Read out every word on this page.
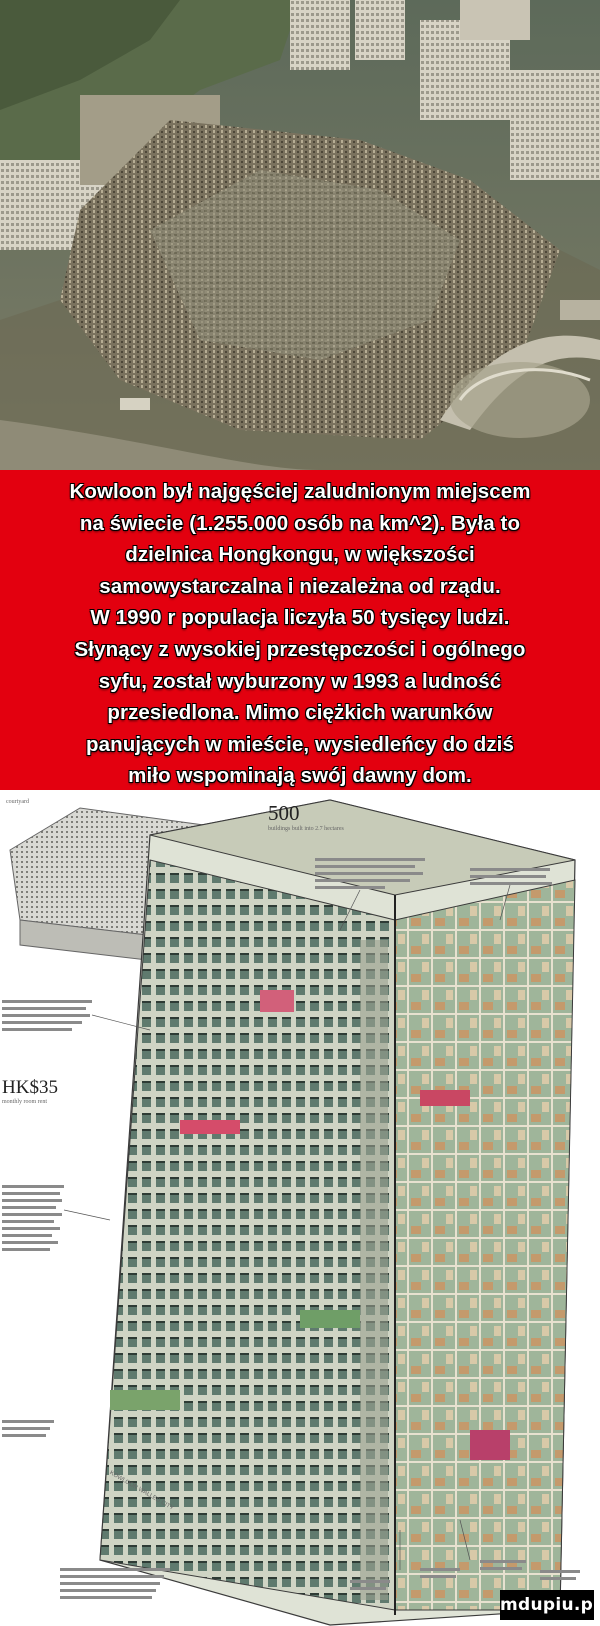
Kowloon był najgęściej zaludnionym miejscem
na świecie (1.255.000 osób na km^2). Była to
dzielnica Hongkongu, w większości
samowystarczalna i niezależna od rządu.
W 1990 r populacja liczyła 50 tysięcy ludzi.
Słynący z wysokiej przestępczości i ogólnego
syfu, został wyburzony w 1993 a ludność
przesiedlona. Mimo ciężkich warunków
panujących w mieście, wysiedleńcy do dziś
miło wspominają swój dawny dom.
courtyard	500
buildings built into 2.7 hectares
HK$35
monthly room rent
KOWLOON WALLED CITY
mdupiu.pl
